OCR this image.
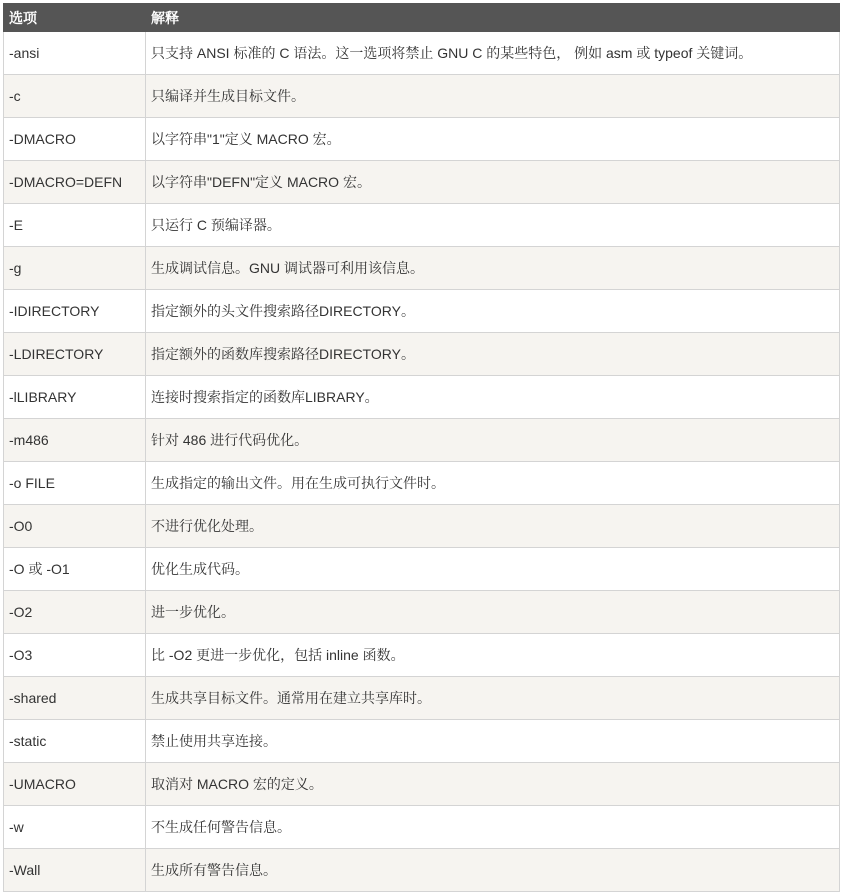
选项	解释
-ansi	只支持 ANSI 标准的 C 语法。这一选项将禁止 GNU C 的某些特色， 例如 asm 或 typeof 关键词。
-c	只编译并生成目标文件。
-DMACRO	以字符串"1"定义 MACRO 宏。
-DMACRO=DEFN	以字符串"DEFN"定义 MACRO 宏。
-E	只运行 C 预编译器。
-g	生成调试信息。GNU 调试器可利用该信息。
-IDIRECTORY	指定额外的头文件搜索路径DIRECTORY。
-LDIRECTORY	指定额外的函数库搜索路径DIRECTORY。
-lLIBRARY	连接时搜索指定的函数库LIBRARY。
-m486	针对 486 进行代码优化。
-o FILE	生成指定的输出文件。用在生成可执行文件时。
-O0	不进行优化处理。
-O 或 -O1	优化生成代码。
-O2	进一步优化。
-O3	比 -O2 更进一步优化，包括 inline 函数。
-shared	生成共享目标文件。通常用在建立共享库时。
-static	禁止使用共享连接。
-UMACRO	取消对 MACRO 宏的定义。
-w	不生成任何警告信息。
-Wall	生成所有警告信息。
